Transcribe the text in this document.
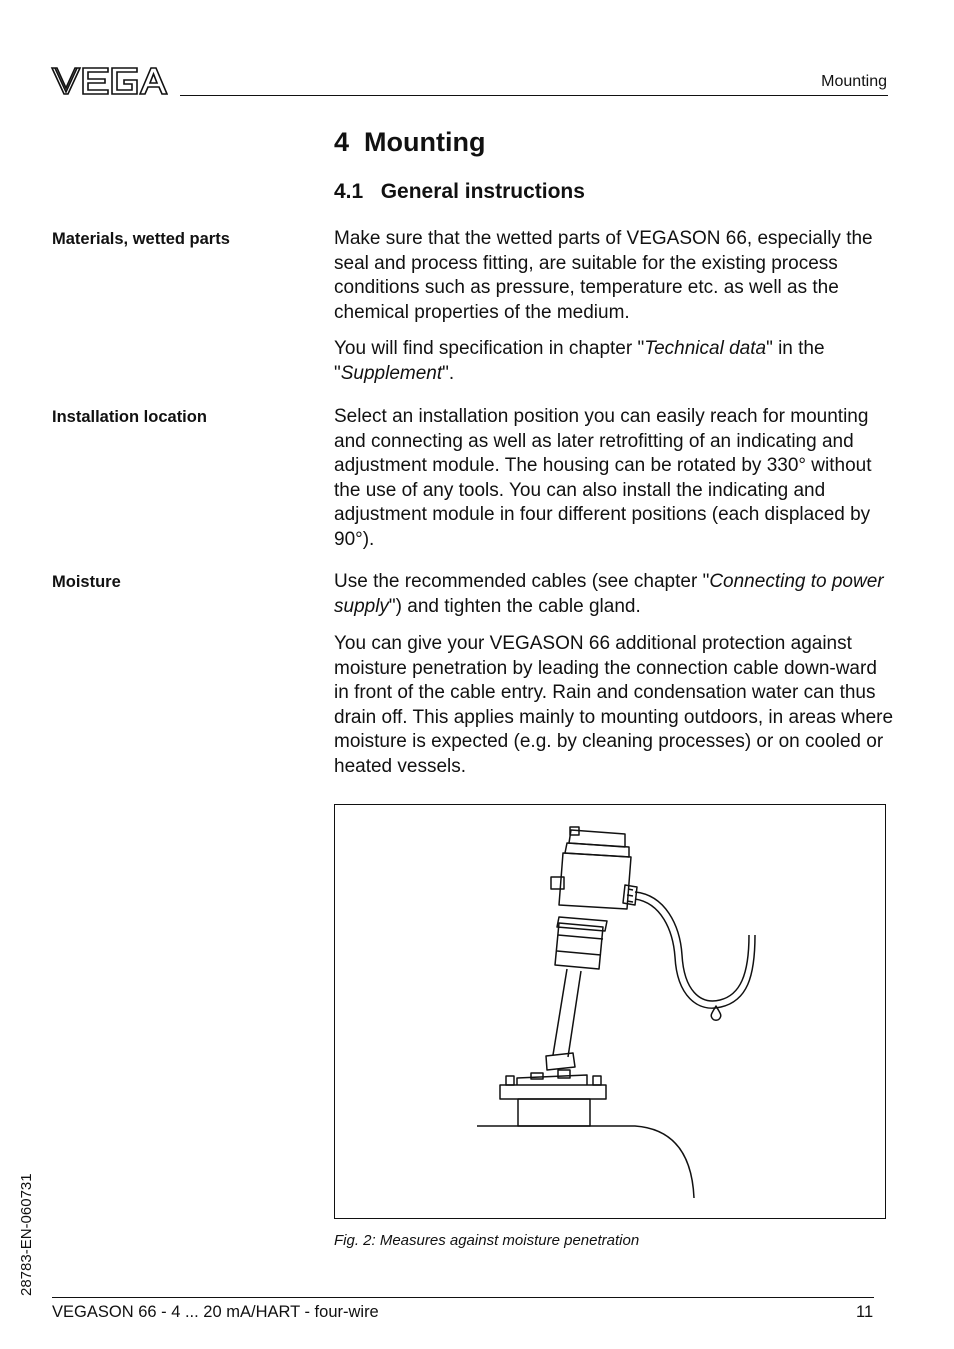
Mounting
4  Mounting
4.1   General instructions
Materials, wetted parts	Make sure that the wetted parts of VEGASON 66, especially the seal and process fitting, are suitable for the existing process conditions such as pressure, temperature etc. as well as the chemical properties of the medium.

You will find specification in chapter "Technical data" in the "Supplement".

Installation location	Select an installation position you can easily reach for mounting and connecting as well as later retrofitting of an indicating and adjustment module. The housing can be rotated by 330° without the use of any tools. You can also install the indicating and adjustment module in four different positions (each displaced by 90°).

Moisture	Use the recommended cables (see chapter "Connecting to power supply") and tighten the cable gland.

You can give your VEGASON 66 additional protection against moisture penetration by leading the connection cable down-ward in front of the cable entry. Rain and condensation water can thus drain off. This applies mainly to mounting outdoors, in areas where moisture is expected (e.g. by cleaning processes) or on cooled or heated vessels.

Fig. 2: Measures against moisture penetration
28783-EN-060731
VEGASON 66 - 4 ... 20 mA/HART - four-wire	11
